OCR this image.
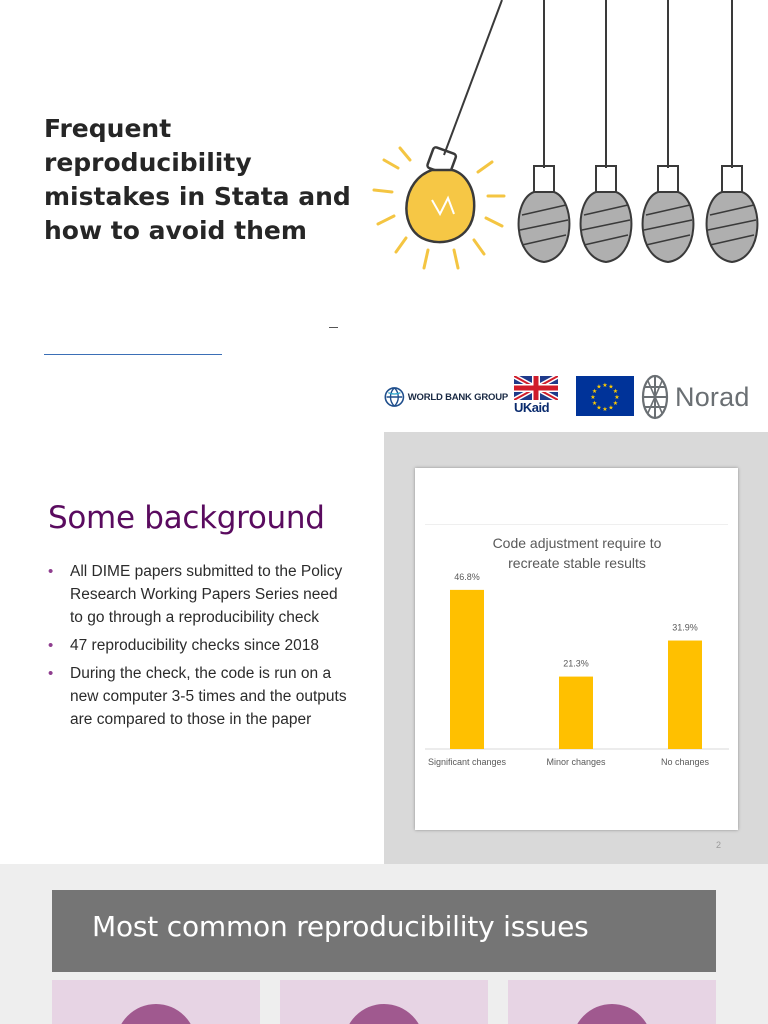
Frequent reproducibility mistakes in Stata and how to avoid them
WORLD BANK GROUP
UKaid
★
★
★
★
★
★
★
★
★ ★ ★
★ Norad
Some background
• All DIME papers submitted to the Policy Research Working Papers Series need to go through a reproducibility check
• 47 reproducibility checks since 2018
• During the check, the code is run on a new computer 3-5 times and the outputs are compared to those in the paper
Code adjustment require to
recreate stable results
46.8%
Significant changes
21.3%
Minor changes
31.9%
No changes
2
Most common reproducibility issues
